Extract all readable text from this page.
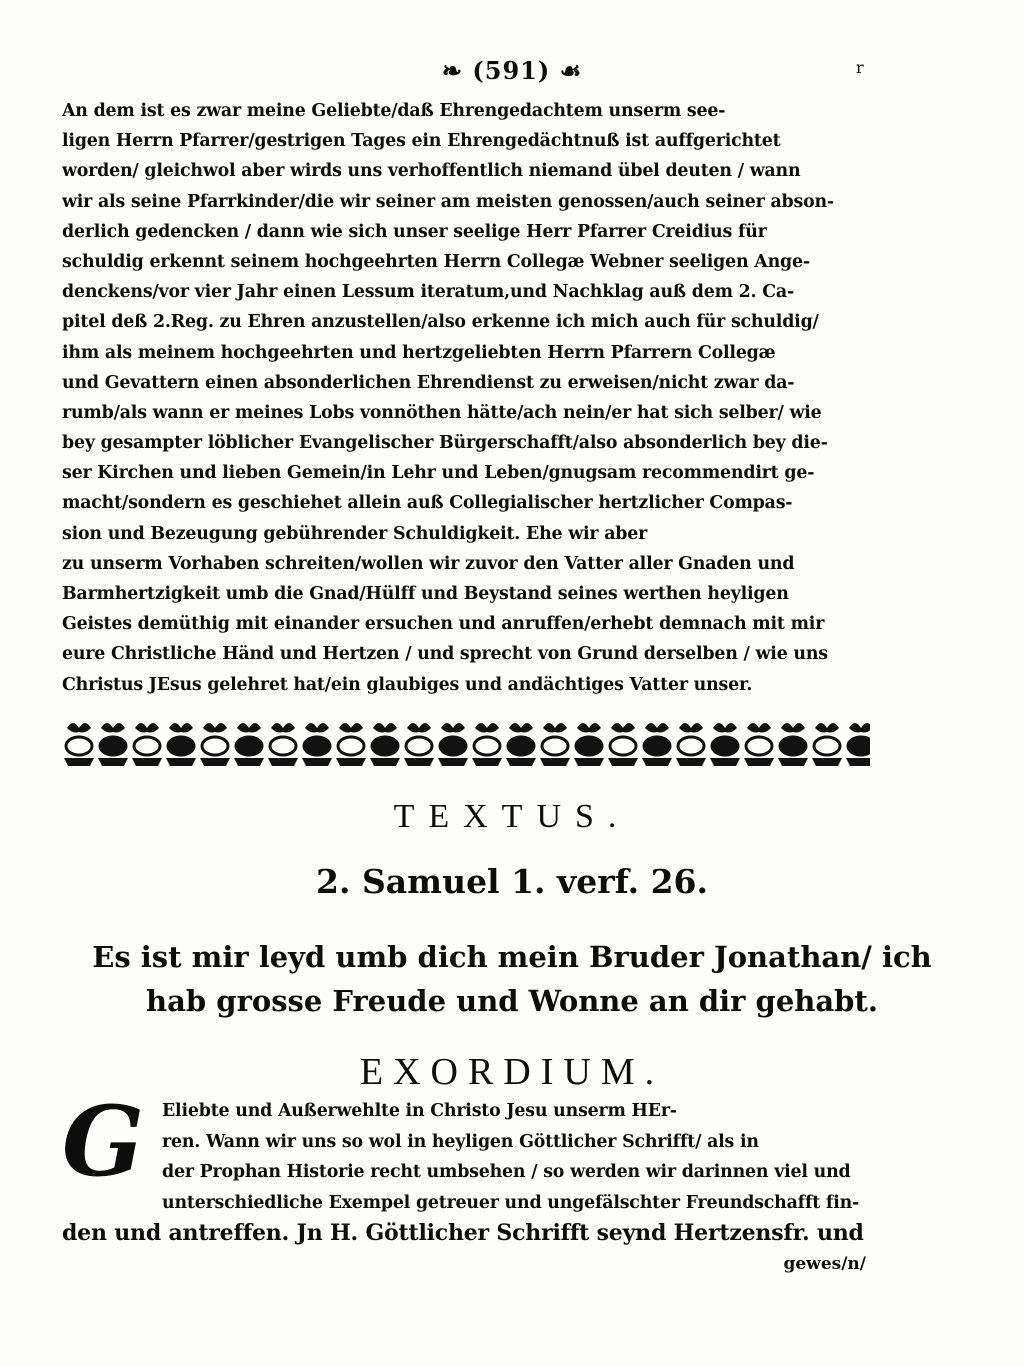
❧ (591) ☙	r
An dem ist es zwar meine Geliebte/daß Ehrengedachtem unserm see-
ligen Herrn Pfarrer/gestrigen Tages ein Ehrengedächtnuß ist auffgerichtet
worden/ gleichwol aber wirds uns verhoffentlich niemand übel deuten / wann
wir als seine Pfarrkinder/die wir seiner am meisten genossen/auch seiner abson-
derlich gedencken / dann wie sich unser seelige Herr Pfarrer Creidius für
schuldig erkennt seinem hochgeehrten Herrn Collegæ Webner seeligen Ange-
denckens/vor vier Jahr einen Lessum iteratum,und Nachklag auß dem 2. Ca-
pitel deß 2.Reg. zu Ehren anzustellen/also erkenne ich mich auch für schuldig/
ihm als meinem hochgeehrten und hertzgeliebten Herrn Pfarrern Collegæ
und Gevattern einen absonderlichen Ehrendienst zu erweisen/nicht zwar da-
rumb/als wann er meines Lobs vonnöthen hätte/ach nein/er hat sich selber/ wie
bey gesampter löblicher Evangelischer Bürgerschafft/also absonderlich bey die-
ser Kirchen und lieben Gemein/in Lehr und Leben/gnugsam recommendirt ge-
macht/sondern es geschiehet allein auß Collegialischer hertzlicher Compas-
sion und Bezeugung gebührender Schuldigkeit. Ehe wir aber
zu unserm Vorhaben schreiten/wollen wir zuvor den Vatter aller Gnaden und
Barmhertzigkeit umb die Gnad/Hülff und Beystand seines werthen heyligen
Geistes demüthig mit einander ersuchen und anruffen/erhebt demnach mit mir
eure Christliche Händ und Hertzen / und sprecht von Grund derselben / wie uns
Christus JEsus gelehret hat/ein glaubiges und andächtiges Vatter unser.
TEXTUS.
2. Samuel 1. verf. 26.
Es ist mir leyd umb dich mein Bruder Jonathan/ ich
hab grosse Freude und Wonne an dir gehabt.
EXORDIUM.
G	Eliebte und Außerwehlte in Christo Jesu unserm HEr-
ren. Wann wir uns so wol in heyligen Göttlicher Schrifft/ als in
der Prophan Historie recht umbsehen / so werden wir darinnen viel und
unterschiedliche Exempel getreuer und ungefälschter Freundschafft fin-
den und antreffen. Jn H. Göttlicher Schrifft seynd Hertzensfr. und
gewes/n/
